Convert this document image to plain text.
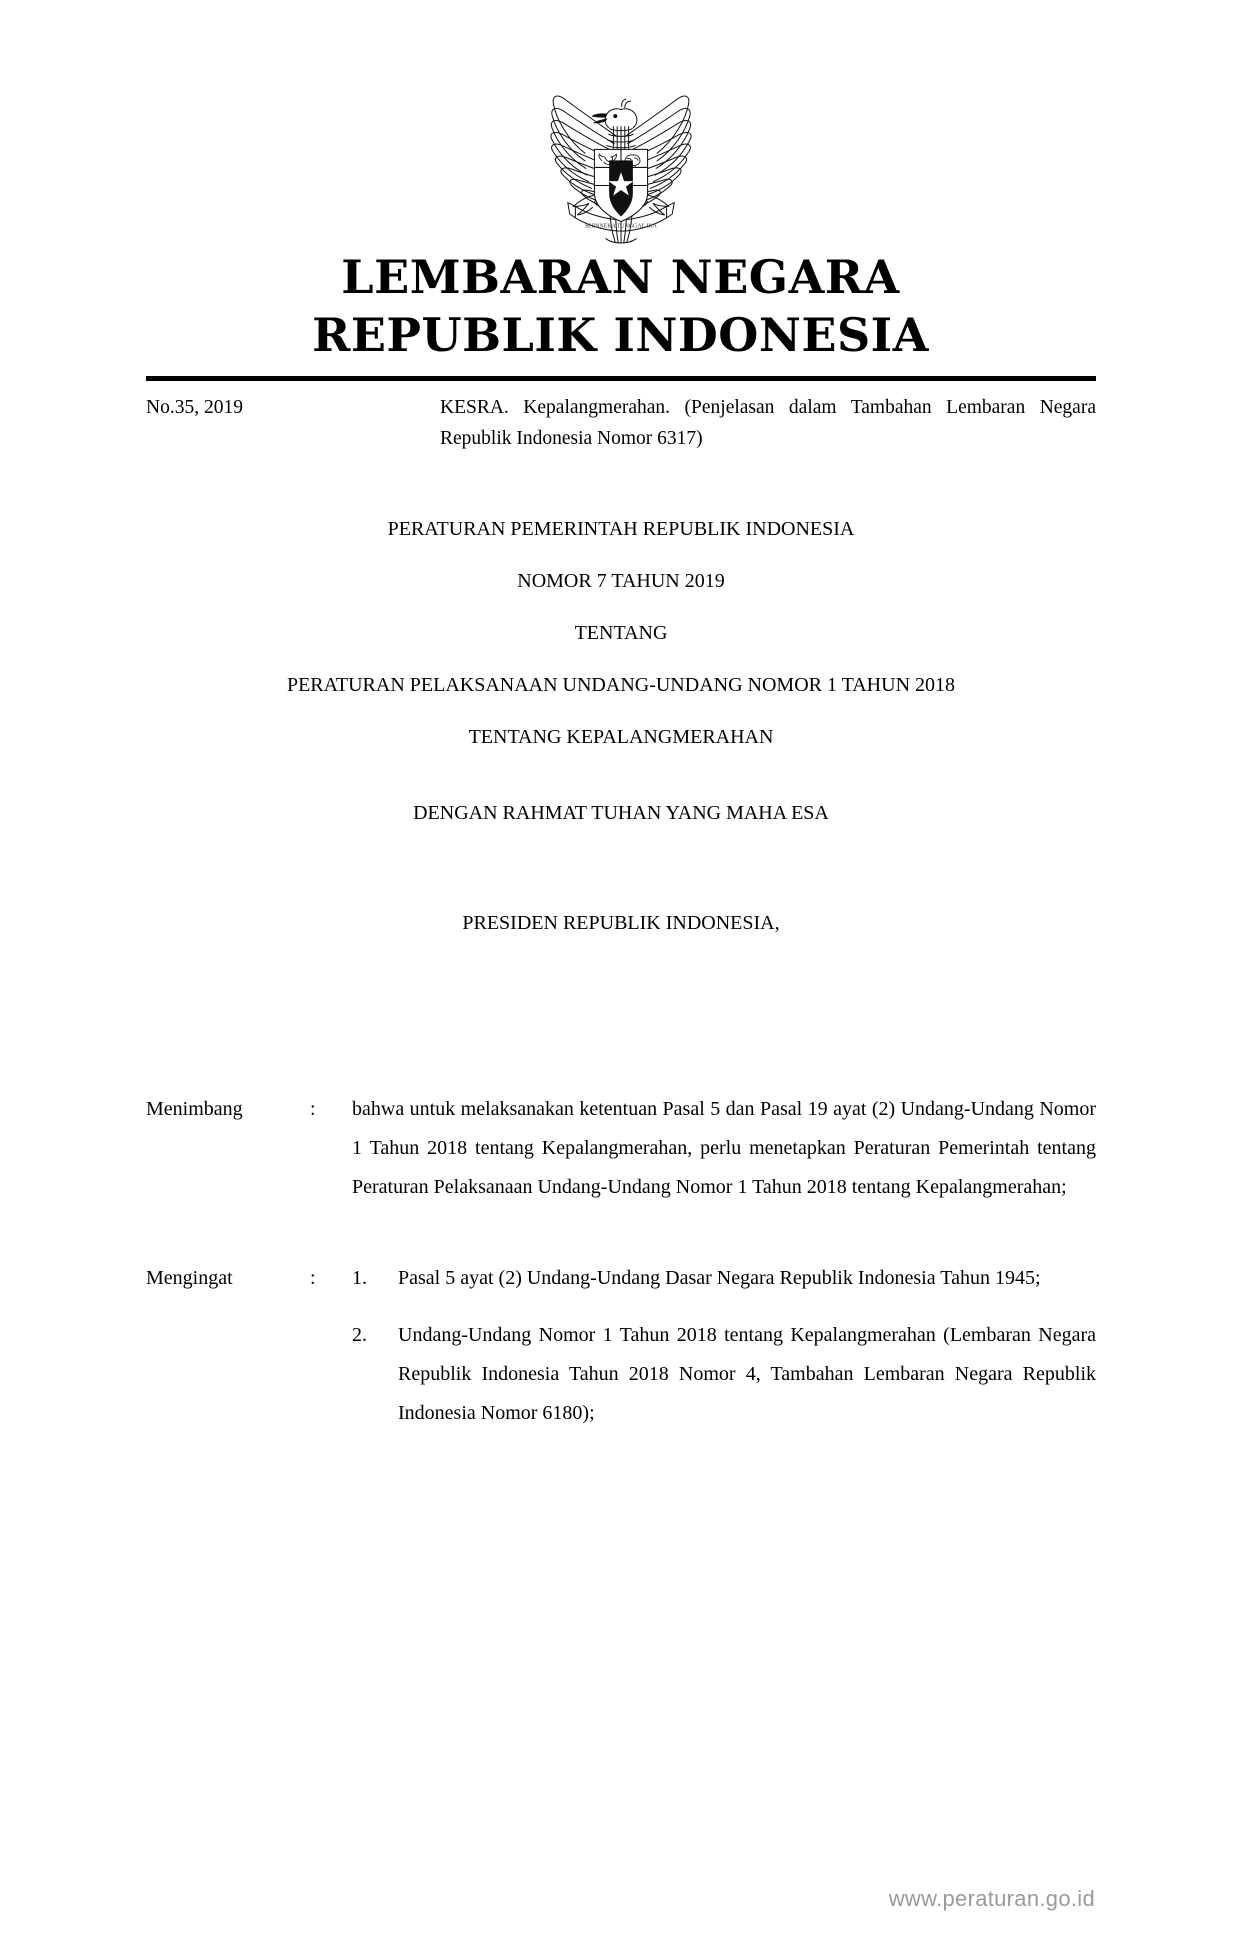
BHINNEKA TUNGGAL IKA
LEMBARAN NEGARA
REPUBLIK INDONESIA
No.35, 2019	KESRA. Kepalangmerahan. (Penjelasan dalam Tambahan Lembaran Negara Republik Indonesia Nomor 6317)
PERATURAN PEMERINTAH REPUBLIK INDONESIA
NOMOR 7 TAHUN 2019
TENTANG
PERATURAN PELAKSANAAN UNDANG-UNDANG NOMOR 1 TAHUN 2018
TENTANG KEPALANGMERAHAN
DENGAN RAHMAT TUHAN YANG MAHA ESA
PRESIDEN REPUBLIK INDONESIA,
Menimbang	:	bahwa untuk melaksanakan ketentuan Pasal 5 dan Pasal 19 ayat (2) Undang-Undang Nomor 1 Tahun 2018 tentang Kepalangmerahan, perlu menetapkan Peraturan Pemerintah tentang Peraturan Pelaksanaan Undang-Undang Nomor 1 Tahun 2018 tentang Kepalangmerahan;
Mengingat	:	1.	Pasal 5 ayat (2) Undang-Undang Dasar Negara Republik Indonesia Tahun 1945;
2.	Undang-Undang Nomor 1 Tahun 2018 tentang Kepalangmerahan (Lembaran Negara Republik Indonesia Tahun 2018 Nomor 4, Tambahan Lembaran Negara Republik Indonesia Nomor 6180);
www.peraturan.go.id
